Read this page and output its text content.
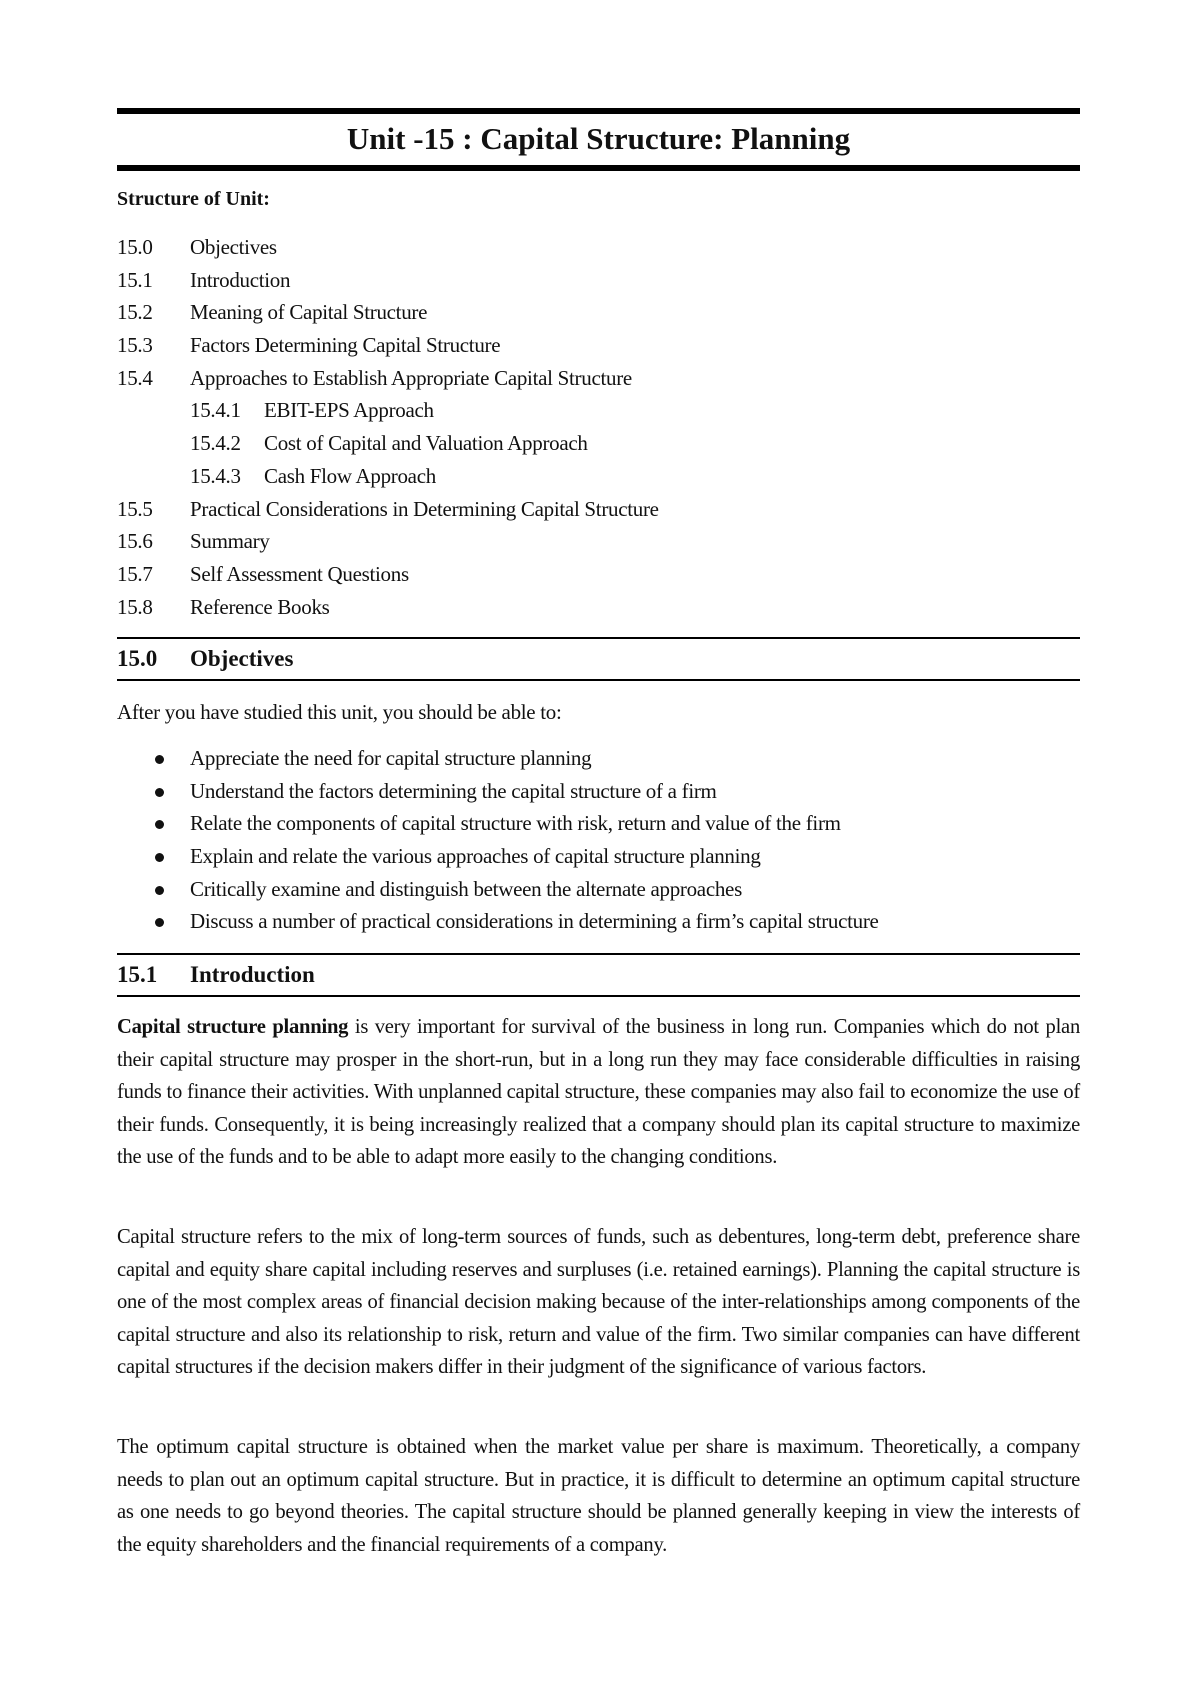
Unit -15 : Capital Structure: Planning
Structure of Unit:
15.0 Objectives
15.1 Introduction
15.2 Meaning of Capital Structure
15.3 Factors Determining Capital Structure
15.4 Approaches to Establish Appropriate Capital Structure
15.4.1 EBIT-EPS Approach
15.4.2 Cost of Capital and Valuation Approach
15.4.3 Cash Flow Approach
15.5 Practical Considerations in Determining Capital Structure
15.6 Summary
15.7 Self Assessment Questions
15.8 Reference Books
15.0 Objectives
After you have studied this unit, you should be able to:
Appreciate the need for capital structure planning
Understand the factors determining the capital structure of a firm
Relate the components of capital structure with risk, return and value of the firm
Explain and relate the various approaches of capital structure planning
Critically examine and distinguish between the alternate approaches
Discuss a number of practical considerations in determining a firm’s capital structure
15.1 Introduction

Capital structure planning is very important for survival of the business in long run. Companies which do not plan their capital structure may prosper in the short-run, but in a long run they may face considerable difficulties in raising funds to finance their activities. With unplanned capital structure, these companies may also fail to economize the use of their funds. Consequently, it is being increasingly realized that a company should plan its capital structure to maximize the use of the funds and to be able to adapt more easily to the changing conditions.

Capital structure refers to the mix of long-term sources of funds, such as debentures, long-term debt, preference share capital and equity share capital including reserves and surpluses (i.e. retained earnings). Planning the capital structure is one of the most complex areas of financial decision making because of the inter-relationships among components of the capital structure and also its relationship to risk, return and value of the firm. Two similar companies can have different capital structures if the decision makers differ in their judgment of the significance of various factors.

The optimum capital structure is obtained when the market value per share is maximum. Theoretically, a company needs to plan out an optimum capital structure. But in practice, it is difficult to determine an optimum capital structure as one needs to go beyond theories. The capital structure should be planned generally keeping in view the interests of the equity shareholders and the financial requirements of a company.
